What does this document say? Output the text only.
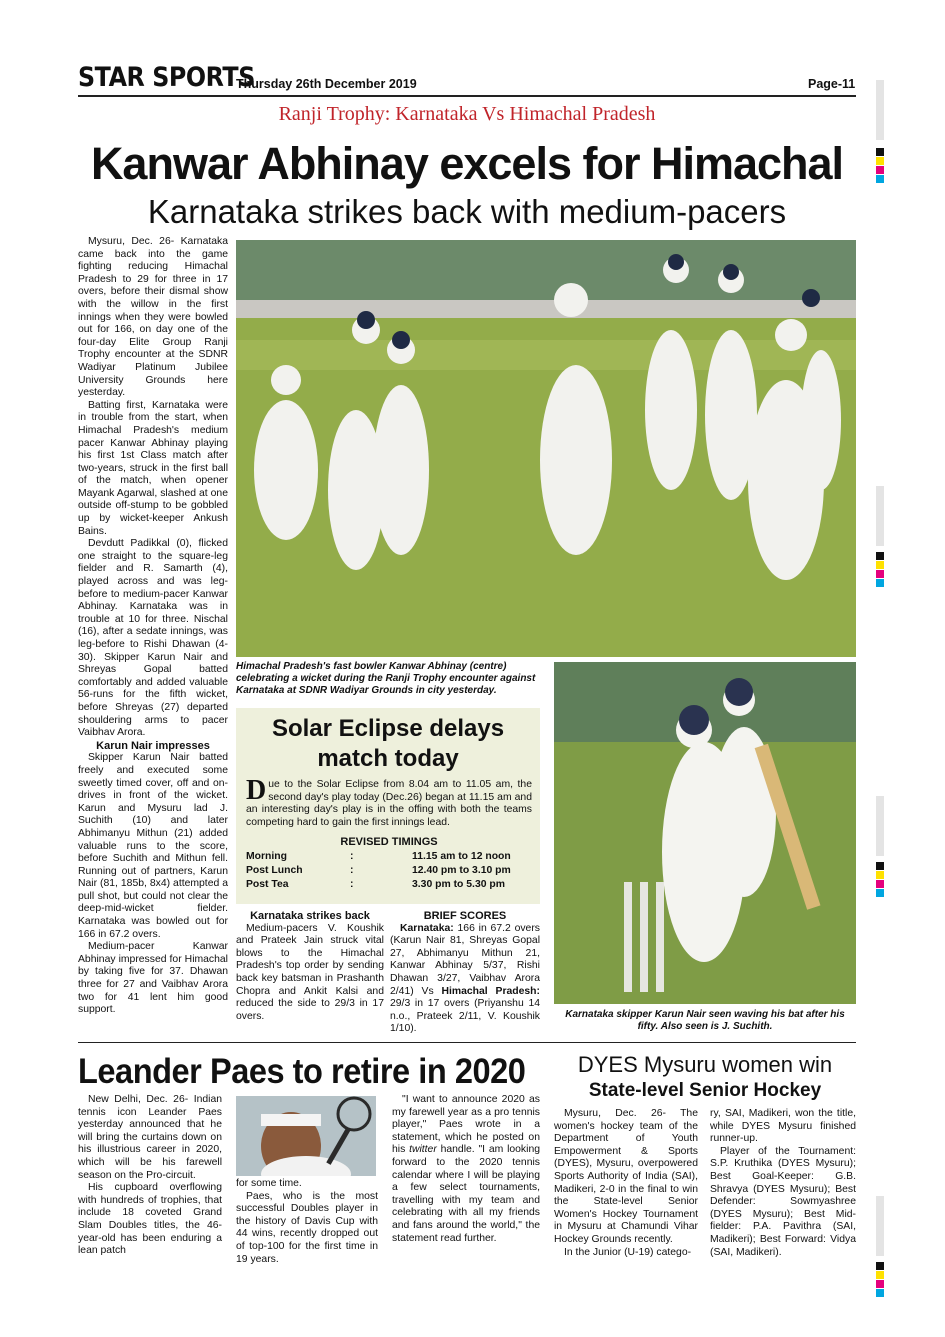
STAR SPORTS
Thursday 26th December 2019	Page-11
Ranji Trophy: Karnataka Vs Himachal Pradesh
Kanwar Abhinay excels for Himachal
Karnataka strikes back with medium-pacers

Mysuru, Dec. 26- Karnataka came back into the game fighting reducing Himachal Pradesh to 29 for three in 17 overs, before their dismal show with the willow in the first innings when they were bowled out for 166, on day one of the four-day Elite Group Ranji Trophy encounter at the SDNR Wadiyar Platinum Jubilee University Grounds here yesterday.

Batting first, Karnataka were in trouble from the start, when Himachal Pradesh's medium pacer Kanwar Abhinay playing his first 1st Class match after two-years, struck in the first ball of the match, when opener Mayank Agarwal, slashed at one outside off-stump to be gobbled up by wicket-keeper Ankush Bains.

Devdutt Padikkal (0), flicked one straight to the square-leg fielder and R. Samarth (4), played across and was leg-before to medium-pacer Kanwar Abhinay. Karnataka was in trouble at 10 for three. Nischal (16), after a sedate innings, was leg-before to Rishi Dhawan (4-30). Skipper Karun Nair and Shreyas Gopal batted comfortably and added valuable 56-runs for the fifth wicket, before Shreyas (27) departed shouldering arms to pacer Vaibhav Arora.

Karun Nair impresses

Skipper Karun Nair batted freely and executed some sweetly timed cover, off and on-drives in front of the wicket. Karun and Mysuru lad J. Suchith (10) and later Abhimanyu Mithun (21) added valuable runs to the score, before Suchith and Mithun fell. Running out of partners, Karun Nair (81, 185b, 8x4) attempted a pull shot, but could not clear the deep-mid-wicket fielder. Karnataka was bowled out for 166 in 67.2 overs.

Medium-pacer Kanwar Abhinay impressed for Himachal by taking five for 37. Dhawan three for 27 and Vaibhav Arora two for 41 lent him good support.

Himachal Pradesh's fast bowler Kanwar Abhinay (centre) celebrating a wicket during the Ranji Trophy encounter against Karnataka at SDNR Wadiyar Grounds in city yesterday.
Karnataka skipper Karun Nair seen waving his bat after his fifty. Also seen is J. Suchith.
Solar Eclipse delays
match today
Due to the Solar Eclipse from 8.04 am to 11.05 am, the second day's play today (Dec.26) began at 11.15 am and an interesting day's play is in the offing with both the teams competing hard to gain the first innings lead.
REVISED TIMINGS
Morning	:	11.15 am to 12 noon
Post Lunch	:	12.40 pm to 3.10 pm
Post Tea	:	3.30 pm to 5.30 pm

Karnataka strikes back

Medium-pacers V. Koushik and Prateek Jain struck vital blows to the Himachal Pradesh's top order by sending back key batsman in Prashanth Chopra and Ankit Kalsi and reduced the side to 29/3 in 17 overs.

BRIEF SCORES

Karnataka: 166 in 67.2 overs (Karun Nair 81, Shreyas Gopal 27, Abhimanyu Mithun 21, Kanwar Abhinay 5/37, Rishi Dhawan 3/27, Vaibhav Arora 2/41) Vs Himachal Pradesh: 29/3 in 17 overs (Priyanshu 14 n.o., Prateek 2/11, V. Koushik 1/10).

Leander Paes to retire in 2020

New Delhi, Dec. 26- Indian tennis icon Leander Paes yesterday announced that he will bring the curtains down on his illustrious career in 2020, which will be his farewell season on the Pro-circuit.

His cupboard overflowing with hundreds of trophies, that include 18 coveted Grand Slam Doubles titles, the 46-year-old has been enduring a lean patch

for some time.

Paes, who is the most successful Doubles player in the history of Davis Cup with 44 wins, recently dropped out of top-100 for the first time in 19 years.

"I want to announce 2020 as my farewell year as a pro tennis player," Paes wrote in a statement, which he posted on his twitter handle. "I am looking forward to the 2020 tennis calendar where I will be playing a few select tournaments, travelling with my team and celebrating with all my friends and fans around the world," the statement read further.

DYES Mysuru women win
State-level Senior Hockey

Mysuru, Dec. 26- The women's hockey team of the Department of Youth Empowerment & Sports (DYES), Mysuru, overpowered Sports Authority of India (SAI), Madikeri, 2-0 in the final to win the State-level Senior Women's Hockey Tournament in Mysuru at Chamundi Vihar Hockey Grounds recently.

In the Junior (U-19) catego-

ry, SAI, Madikeri, won the title, while DYES Mysuru finished runner-up.

Player of the Tournament: S.P. Kruthika (DYES Mysuru); Best Goal-Keeper: G.B. Shravya (DYES Mysuru); Best Defender: Sowmyashree (DYES Mysuru); Best Mid-fielder: P.A. Pavithra (SAI, Madikeri); Best Forward: Vidya (SAI, Madikeri).
